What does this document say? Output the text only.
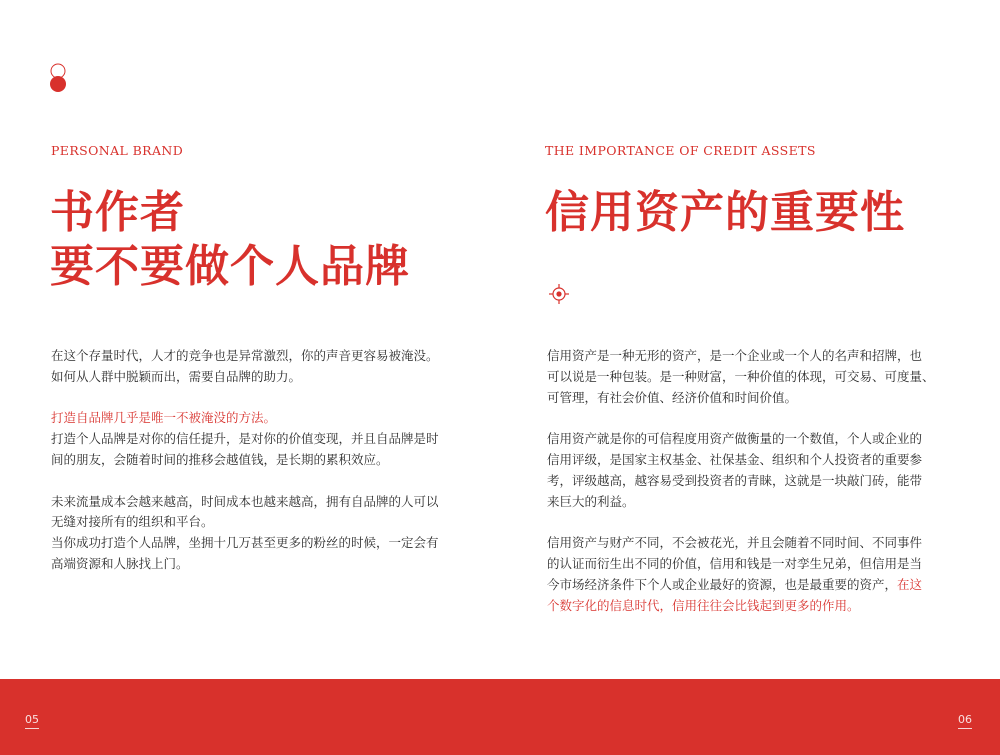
PERSONAL BRAND
书作者
要不要做个人品牌

在这个存量时代，人才的竞争也是异常激烈，你的声音更容易被淹没。

如何从人群中脱颖而出，需要自品牌的助力。

打造自品牌几乎是唯一不被淹没的方法。

打造个人品牌是对你的信任提升，是对你的价值变现，并且自品牌是时

间的朋友，会随着时间的推移会越值钱，是长期的累积效应。

未来流量成本会越来越高，时间成本也越来越高，拥有自品牌的人可以

无缝对接所有的组织和平台。

当你成功打造个人品牌，坐拥十几万甚至更多的粉丝的时候，一定会有

高端资源和人脉找上门。

THE IMPORTANCE OF CREDIT ASSETS
信用资产的重要性

信用资产是一种无形的资产，是一个企业或一个人的名声和招牌，也

可以说是一种包装。是一种财富，一种价值的体现，可交易、可度量、

可管理，有社会价值、经济价值和时间价值。

信用资产就是你的可信程度用资产做衡量的一个数值，个人或企业的

信用评级，是国家主权基金、社保基金、组织和个人投资者的重要参

考，评级越高，越容易受到投资者的青睐，这就是一块敲门砖，能带

来巨大的利益。

信用资产与财产不同，不会被花光，并且会随着不同时间、不同事件

的认证而衍生出不同的价值，信用和钱是一对孪生兄弟，但信用是当

今市场经济条件下个人或企业最好的资源，也是最重要的资产，在这

个数字化的信息时代，信用往往会比钱起到更多的作用。

05	06
